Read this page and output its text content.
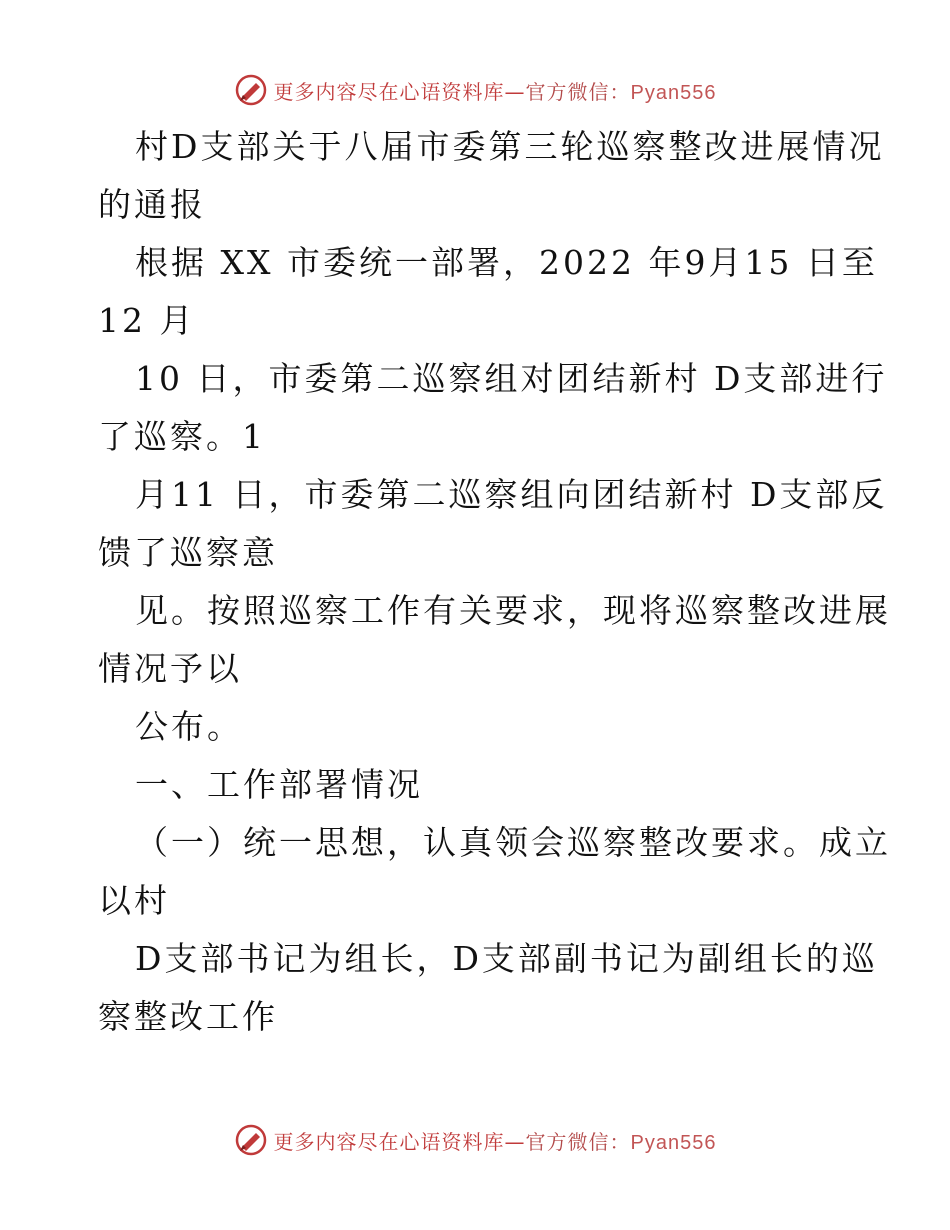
更多内容尽在心语资料库—官方微信：Pyan556
村D支部关于八届市委第三轮巡察整改进展情况
的通报
根据 XX 市委统一部署，2022 年9月15 日至
12 月
10 日，市委第二巡察组对团结新村 D支部进行
了巡察。1
月11 日，市委第二巡察组向团结新村 D支部反
馈了巡察意
见。按照巡察工作有关要求，现将巡察整改进展
情况予以
公布。
一、工作部署情况
（一）统一思想，认真领会巡察整改要求。成立
以村
D支部书记为组长，D支部副书记为副组长的巡
察整改工作
更多内容尽在心语资料库—官方微信：Pyan556
